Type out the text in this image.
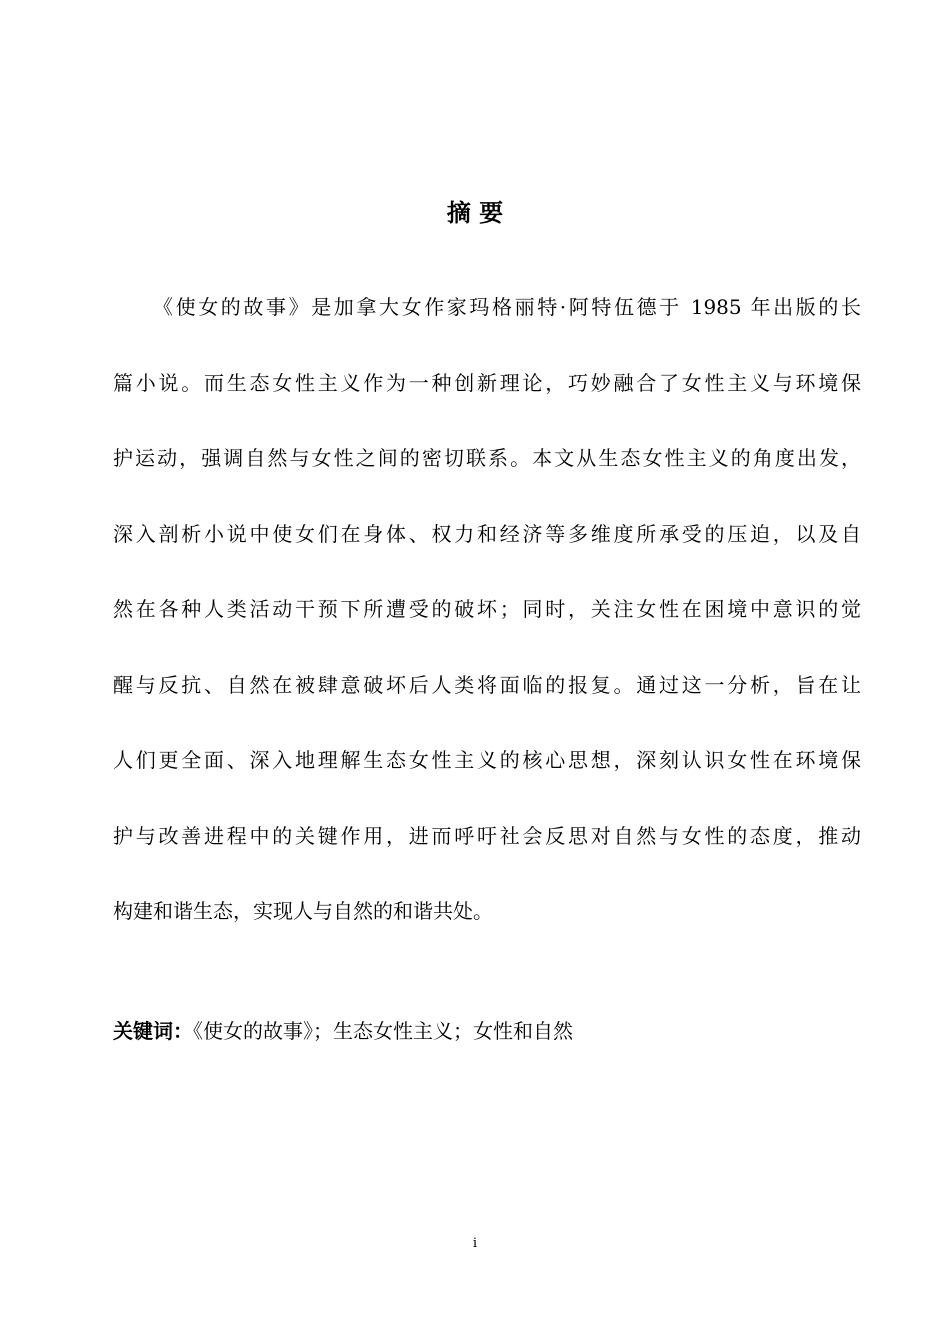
摘 要
《使女的故事》是加拿大女作家玛格丽特·阿特伍德于 1985 年出版的长
篇小说。而生态女性主义作为一种创新理论，巧妙融合了女性主义与环境保
护运动，强调自然与女性之间的密切联系。本文从生态女性主义的角度出发，
深入剖析小说中使女们在身体、权力和经济等多维度所承受的压迫，以及自
然在各种人类活动干预下所遭受的破坏；同时，关注女性在困境中意识的觉
醒与反抗、自然在被肆意破坏后人类将面临的报复。通过这一分析，旨在让
人们更全面、深入地理解生态女性主义的核心思想，深刻认识女性在环境保
护与改善进程中的关键作用，进而呼吁社会反思对自然与女性的态度，推动
构建和谐生态，实现人与自然的和谐共处。
关键词：《使女的故事》；生态女性主义；女性和自然
i
